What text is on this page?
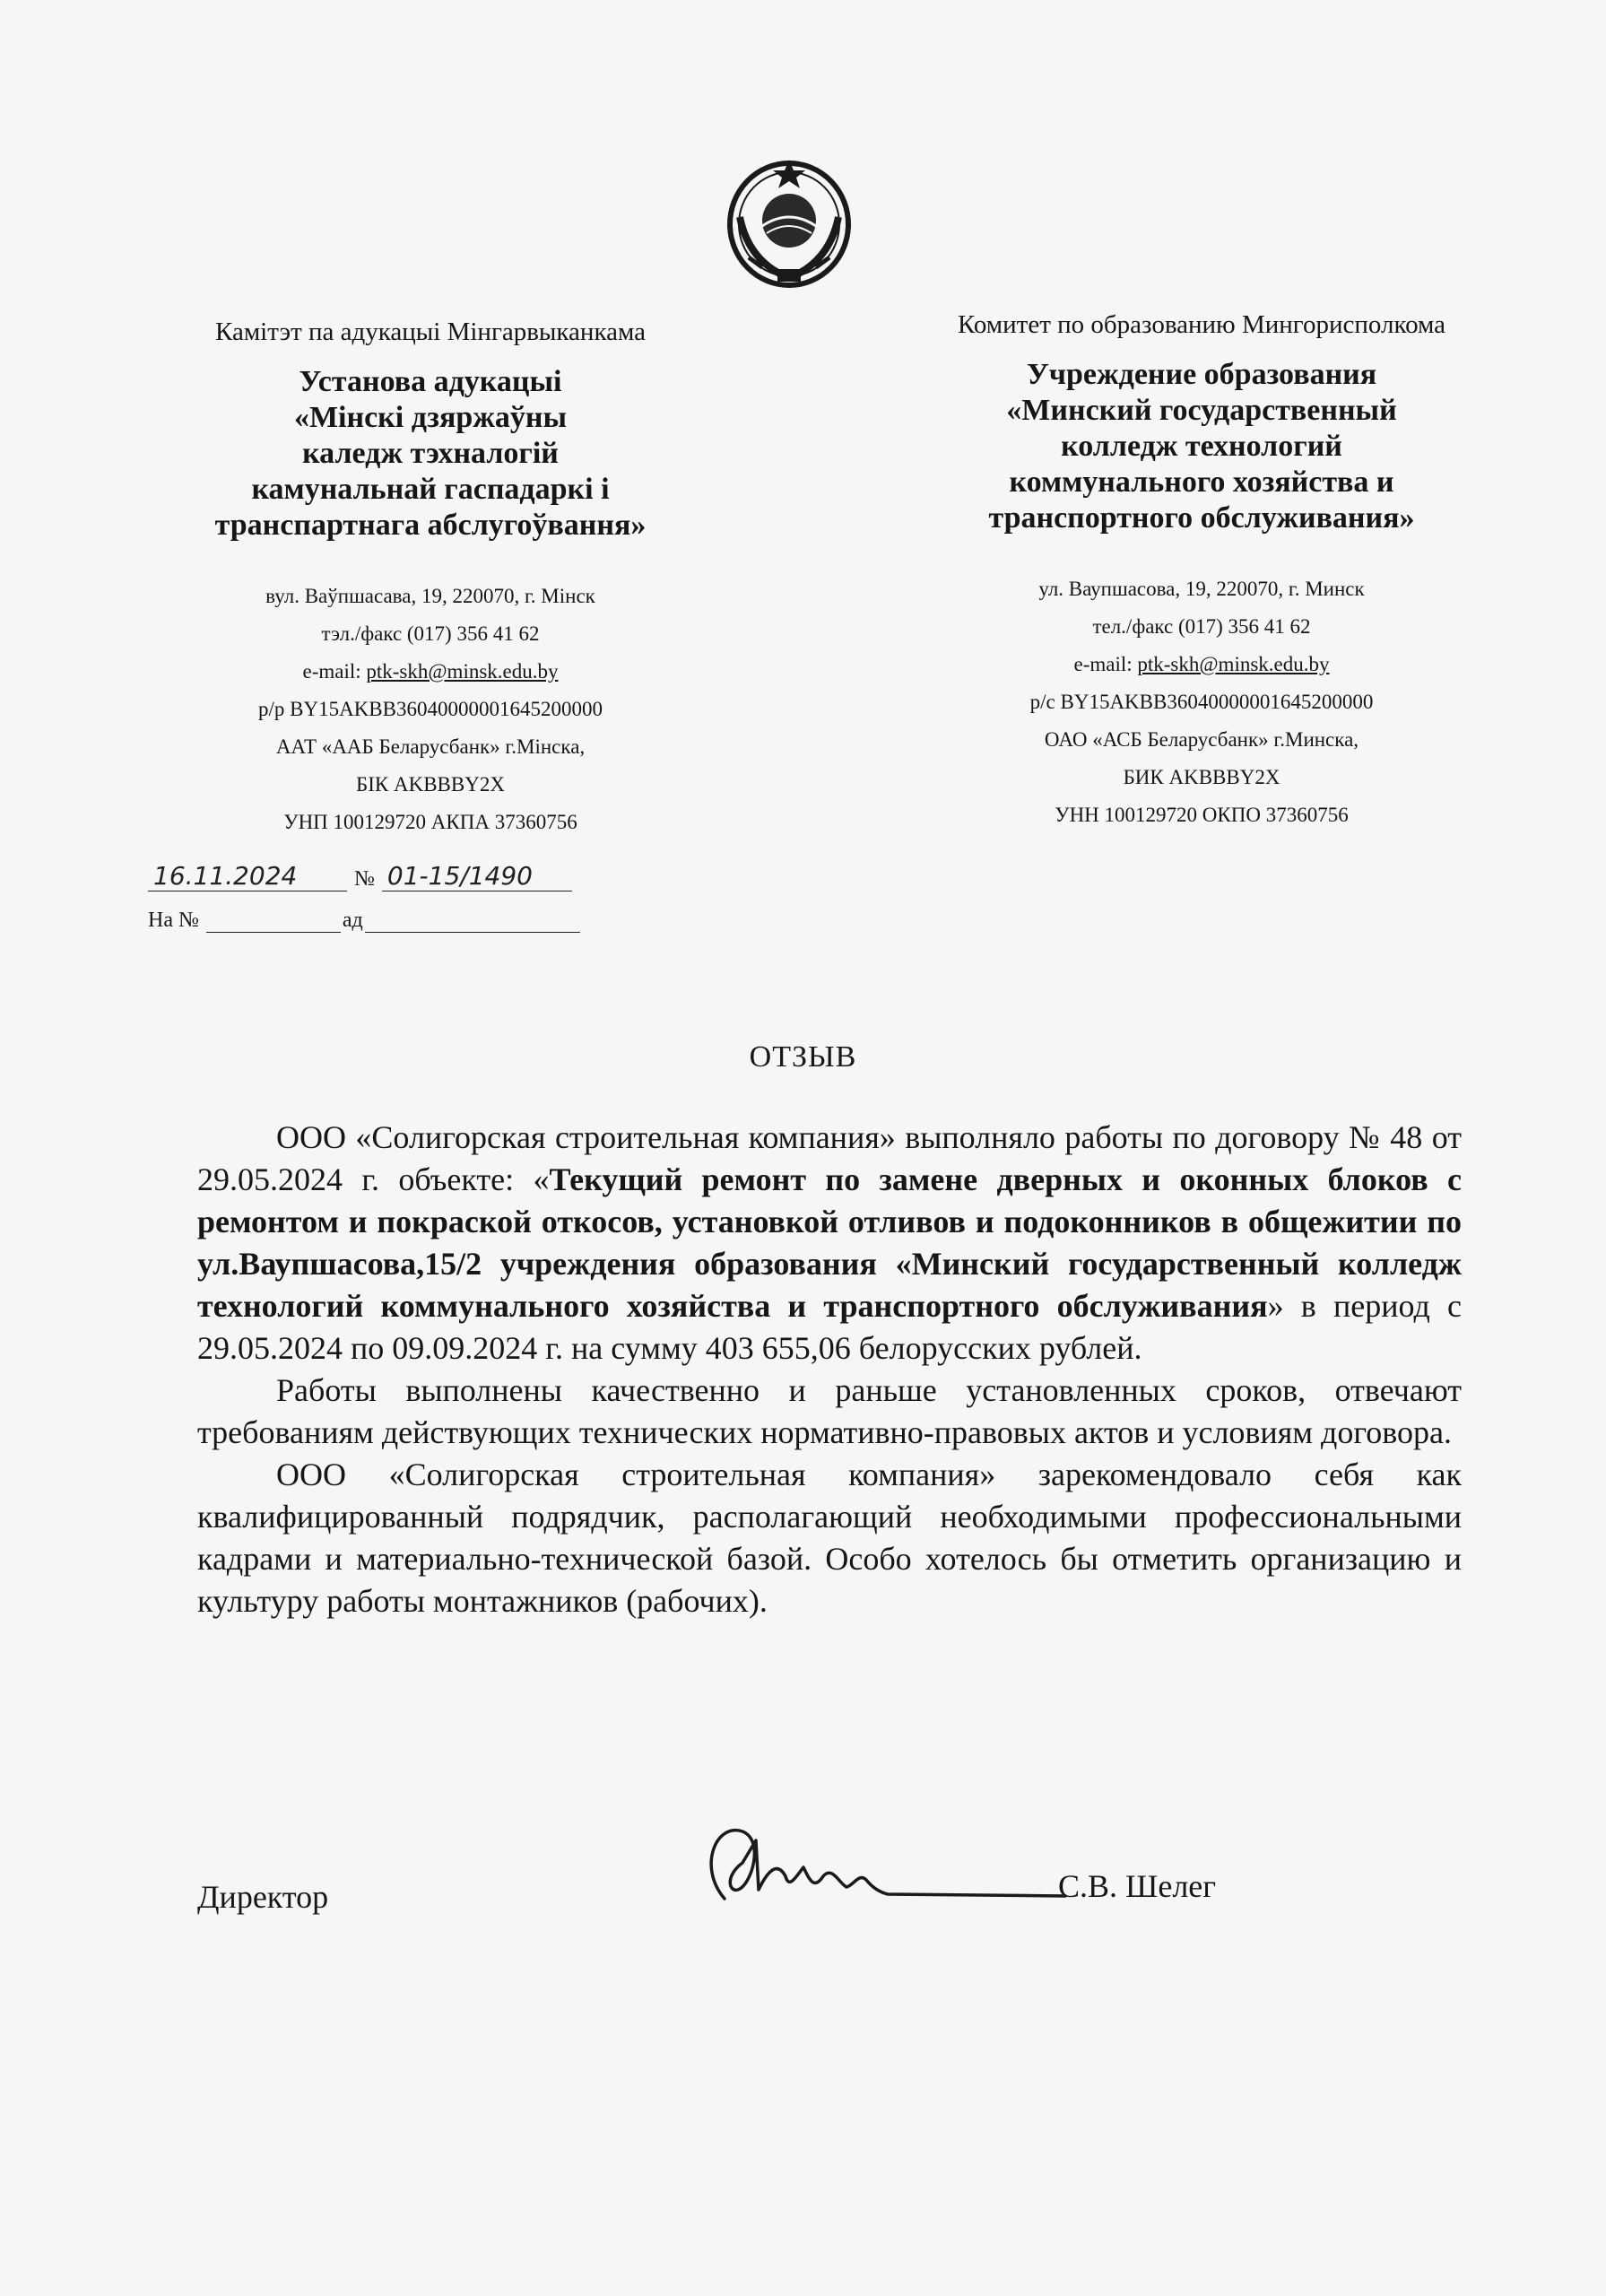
Камітэт па адукацыі Мінгарвыканкама
Установа адукацыі
«Мінскі дзяржаўны
каледж тэхналогій
камунальнай гаспадаркі і
транспартнага абслугоўвання»
вул. Ваўпшасава, 19, 220070, г. Мінск
тэл./факс (017) 356 41 62
e-mail: ptk-skh@minsk.edu.by
р/р BY15AKBB36040000001645200000
ААТ «ААБ Беларусбанк» г.Мінска,
БІК AKBBBY2X
УНП 100129720 АКПА 37360756
Комитет по образованию Мингорисполкома
Учреждение образования
«Минский государственный
колледж технологий
коммунального хозяйства и
транспортного обслуживания»
ул. Ваупшасова, 19, 220070, г. Минск
тел./факс (017) 356 41 62
e-mail: ptk-skh@minsk.edu.by
р/с BY15AKBB36040000001645200000
ОАО «АСБ Беларусбанк» г.Минска,
БИК AKBBBY2X
УНН 100129720 ОКПО 37360756
16.11.2024	№ 01-15/1490
На №	ад
ОТЗЫВ

ООО «Солигорская строительная компания» выполняло работы по договору № 48 от 29.05.2024 г. объекте: «Текущий ремонт по замене дверных и оконных блоков с ремонтом и покраской откосов, установкой отливов и подоконников в общежитии по ул.Ваупшасова,15/2 учреждения образования «Минский государственный колледж технологий коммунального хозяйства и транспортного обслуживания» в период с 29.05.2024 по 09.09.2024 г. на сумму 403 655,06 белорусских рублей.

Работы выполнены качественно и раньше установленных сроков, отвечают требованиям действующих технических нормативно-правовых актов и условиям договора.

ООО «Солигорская строительная компания» зарекомендовало себя как квалифицированный подрядчик, располагающий необходимыми профессиональными кадрами и материально-технической базой. Особо хотелось бы отметить организацию и культуру работы монтажников (рабочих).

Директор	С.В. Шелег
